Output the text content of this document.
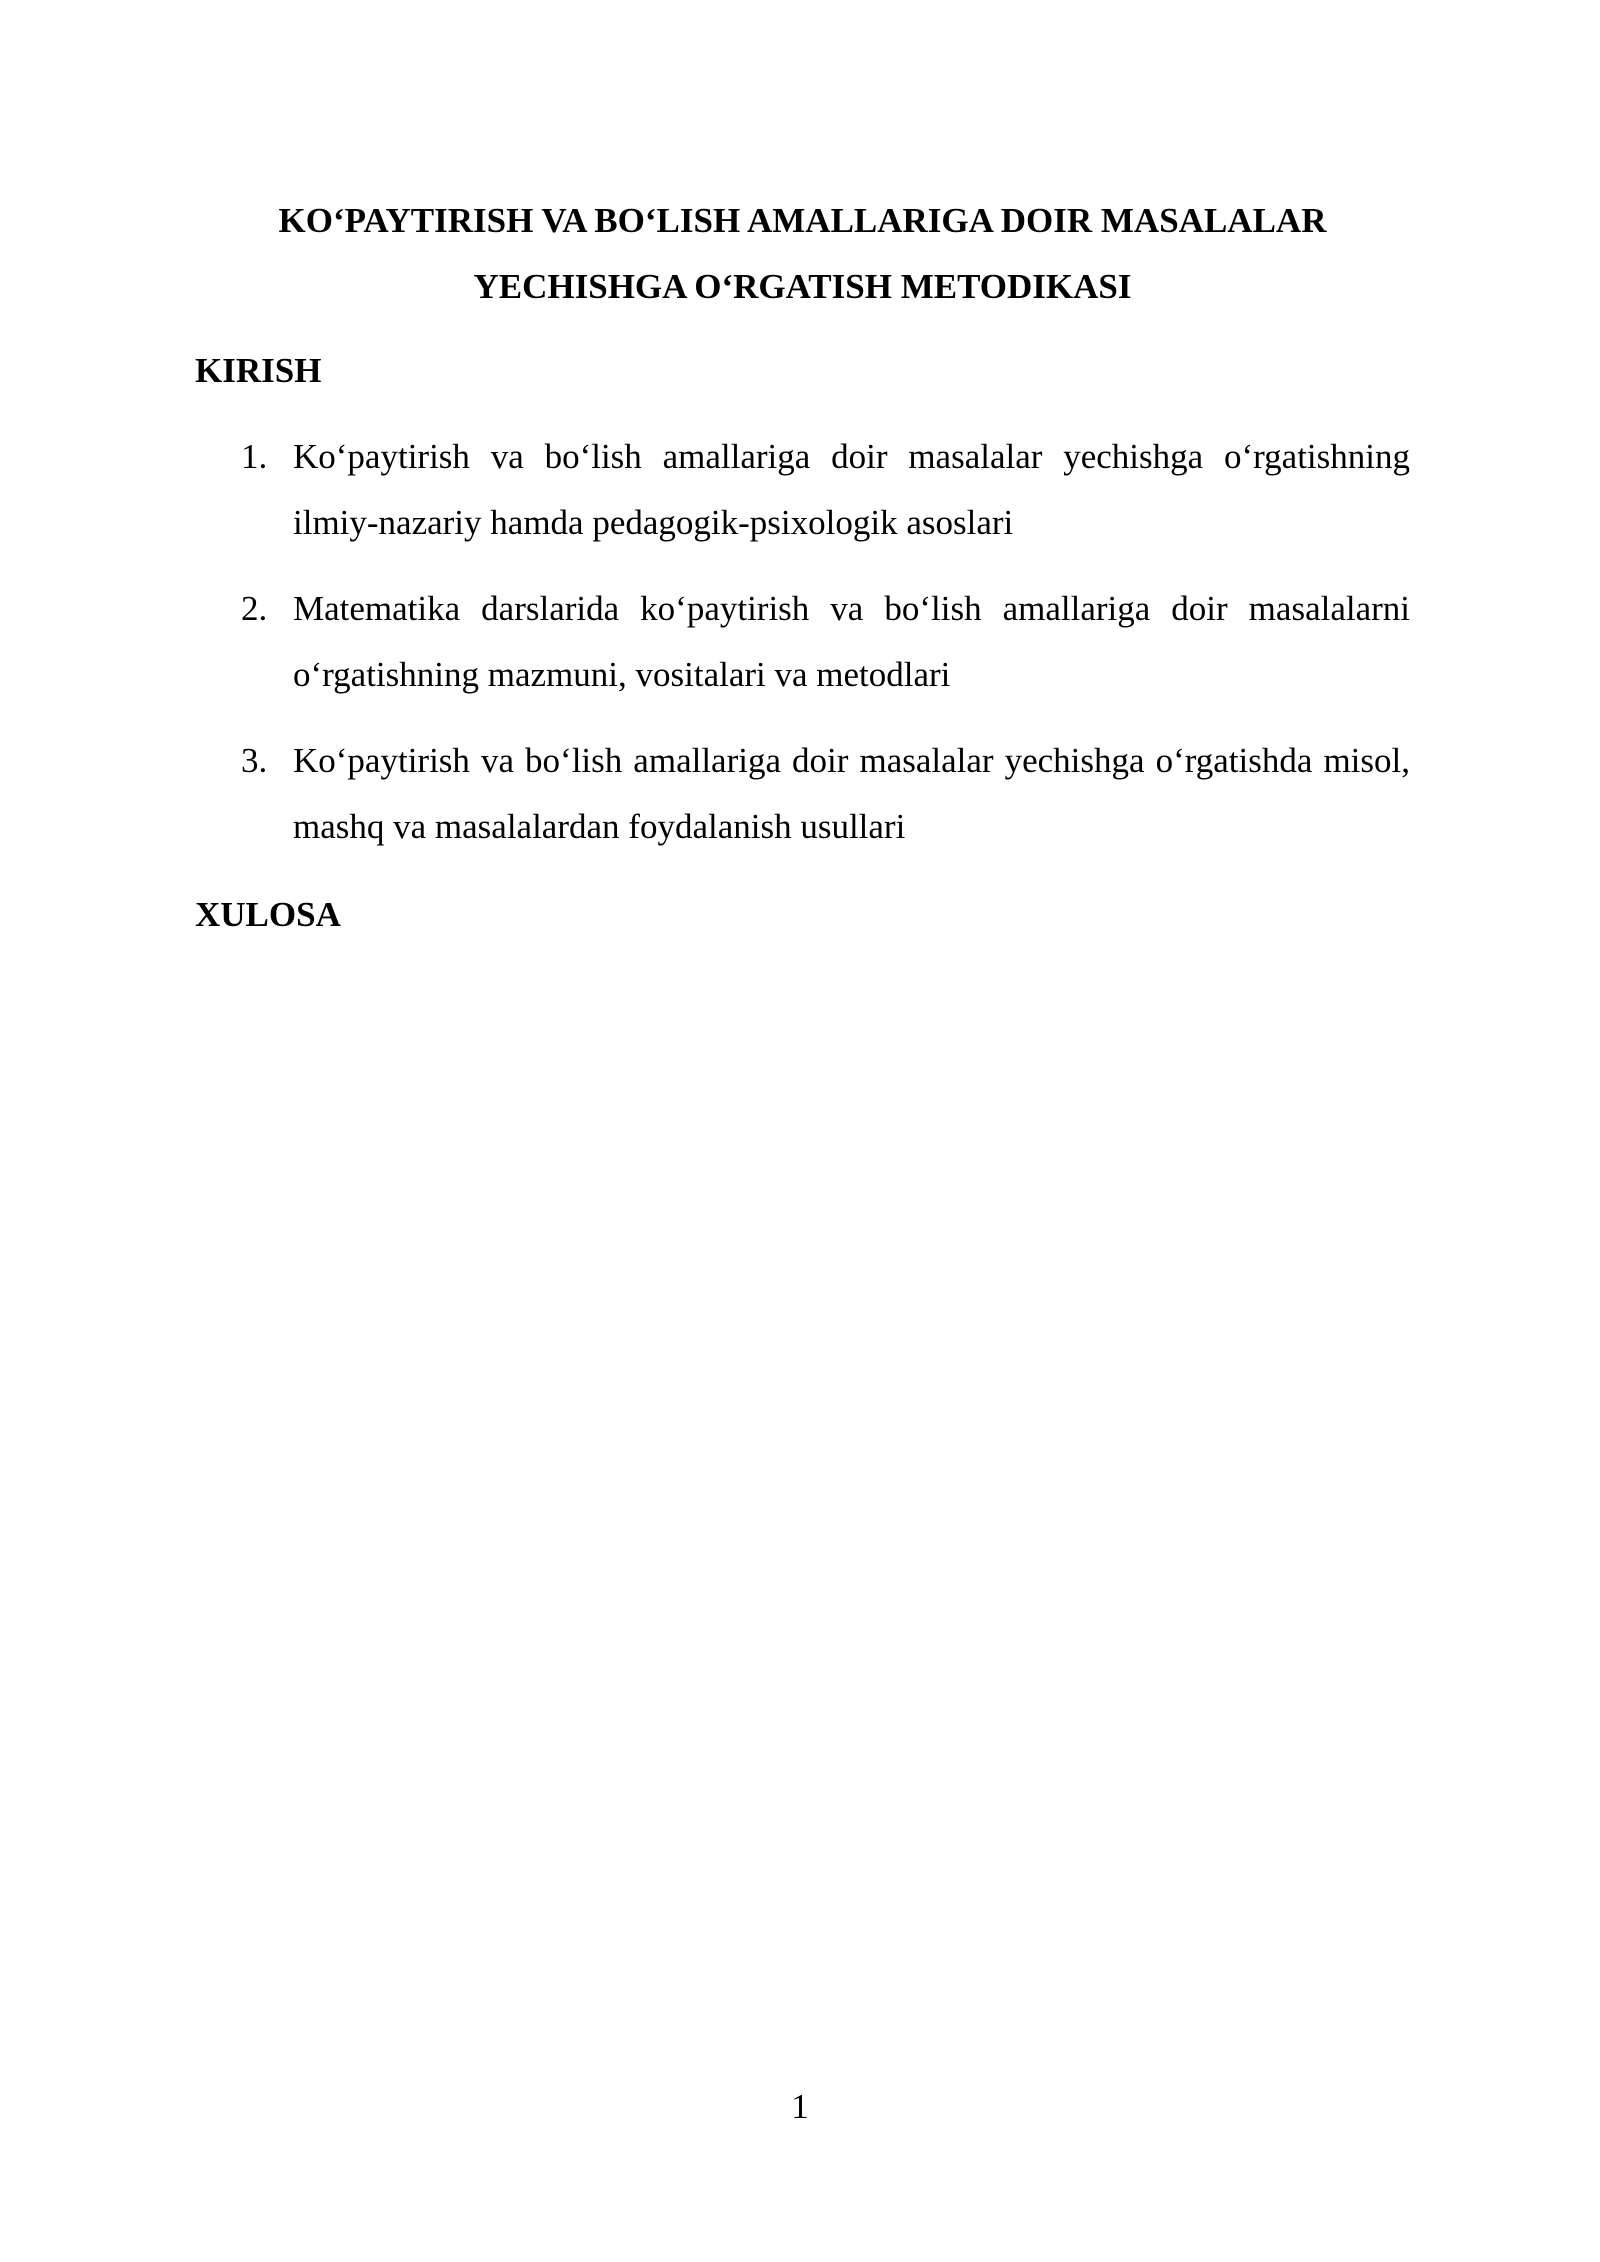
KO‘PAYTIRISH VA BO‘LISH AMALLARIGA DOIR MASALALAR
YECHISHGA O‘RGATISH METODIKASI
KIRISH
1. Ko‘paytirish va bo‘lish amallariga doir masalalar yechishga o‘rgatishning ilmiy-nazariy hamda pedagogik-psixologik asoslari
2. Matematika darslarida ko‘paytirish va bo‘lish amallariga doir masalalarni o‘rgatishning mazmuni, vositalari va metodlari
3. Ko‘paytirish va bo‘lish amallariga doir masalalar yechishga o‘rgatishda misol, mashq va masalalardan foydalanish usullari
XULOSA
1
